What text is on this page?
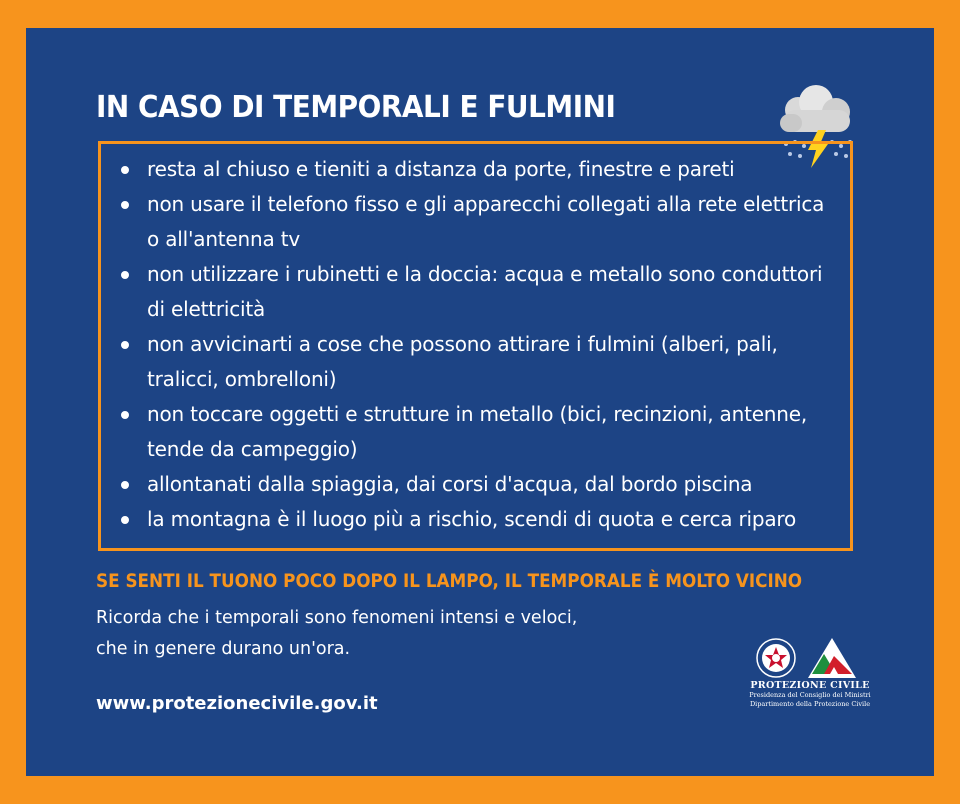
IN CASO DI TEMPORALI E FULMINI
resta al chiuso e tieniti a distanza da porte, finestre e pareti
non usare il telefono fisso e gli apparecchi collegati alla rete elettrica o all'antenna tv
non utilizzare i rubinetti e la doccia: acqua e metallo sono conduttori di elettricità
non avvicinarti a cose che possono attirare i fulmini (alberi, pali, tralicci, ombrelloni)
non toccare oggetti e strutture in metallo (bici, recinzioni, antenne, tende da campeggio)
allontanati dalla spiaggia, dai corsi d'acqua, dal bordo piscina
la montagna è il luogo più a rischio, scendi di quota e cerca riparo

SE SENTI IL TUONO POCO DOPO IL LAMPO, IL TEMPORALE È MOLTO VICINO

Ricorda che i temporali sono fenomeni intensi e veloci,
che in genere durano un'ora.

www.protezionecivile.gov.it

PROTEZIONE CIVILE
Presidenza del Consiglio dei Ministri
Dipartimento della Protezione Civile
